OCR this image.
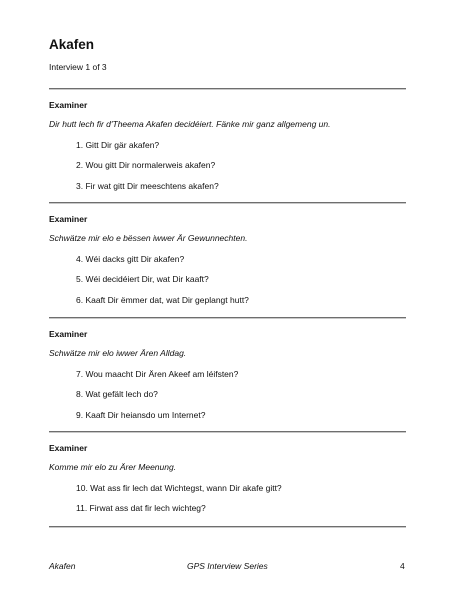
Akafen
Interview 1 of 3
Examiner
Dir hutt lech fir d'Theema Akafen decidéiert. Fänke mir ganz allgemeng un.
1. Gitt Dir gär akafen?
2. Wou gitt Dir normalerweis akafen?
3. Fir wat gitt Dir meeschtens akafen?
Examiner
Schwätze mir elo e bëssen iwwer Är Gewunnechten.
4. Wéi dacks gitt Dir akafen?
5. Wéi decidéiert Dir, wat Dir kaaft?
6. Kaaft Dir ëmmer dat, wat Dir geplangt hutt?
Examiner
Schwätze mir elo iwwer Ären Alldag.
7. Wou maacht Dir Ären Akeef am léifsten?
8. Wat gefält lech do?
9. Kaaft Dir heiansdo um Internet?
Examiner
Komme mir elo zu Ärer Meenung.
10. Wat ass fir lech dat Wichtegst, wann Dir akafe gitt?
11. Firwat ass dat fir lech wichteg?
Akafen	GPS Interview Series	4
